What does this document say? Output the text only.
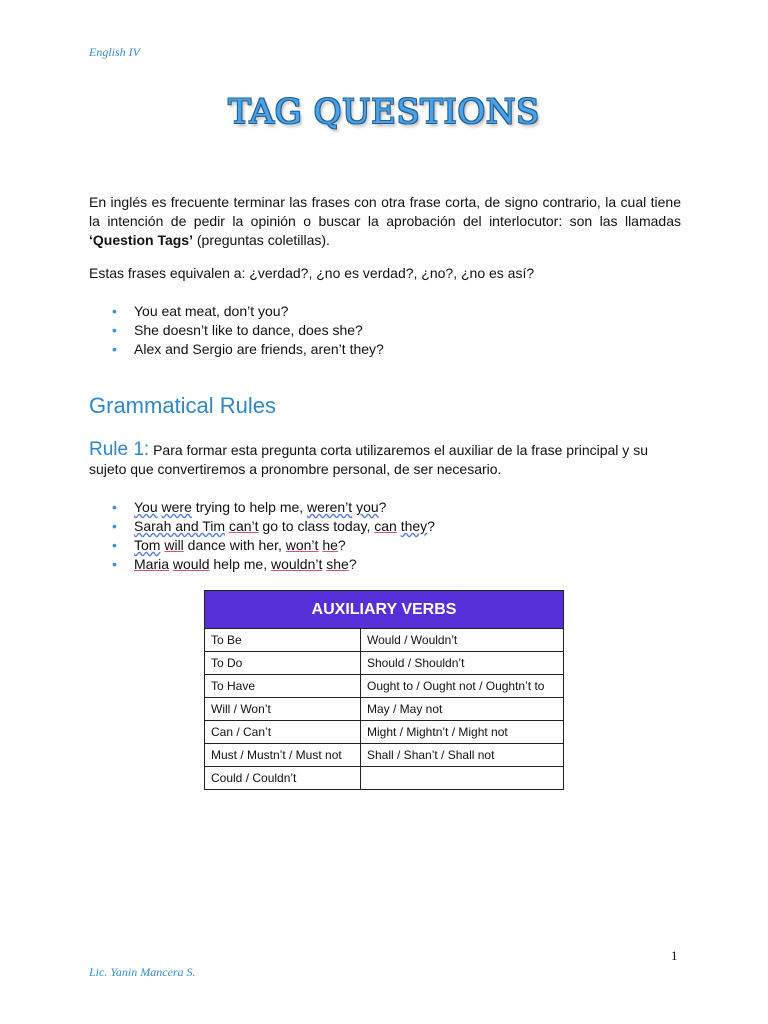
English IV
TAG QUESTIONS
En inglés es frecuente terminar las frases con otra frase corta, de signo contrario, la cual tiene la intención de pedir la opinión o buscar la aprobación del interlocutor: son las llamadas ‘Question Tags’ (preguntas coletillas).
Estas frases equivalen a: ¿verdad?, ¿no es verdad?, ¿no?, ¿no es así?
• You eat meat, don’t you?
• She doesn’t like to dance, does she?
• Alex and Sergio are friends, aren’t they?
Grammatical Rules
Rule 1: Para formar esta pregunta corta utilizaremos el auxiliar de la frase principal y su sujeto que convertiremos a pronombre personal, de ser necesario.
• You were trying to help me, weren’t you?
• Sarah and Tim can’t go to class today, can they?
• Tom will dance with her, won’t he?
• Maria would help me, wouldn’t she?
AUXILIARY VERBS	
To Be	Would / Wouldn’t
To Do	Should / Shouldn’t
To Have	Ought to / Ought not / Oughtn’t to
Will / Won’t	May / May not
Can / Can’t	Might / Mightn’t / Might not
Must / Mustn’t / Must not	Shall / Shan’t / Shall not
Could / Couldn’t	
1
Lic. Yanin Mancera S.
